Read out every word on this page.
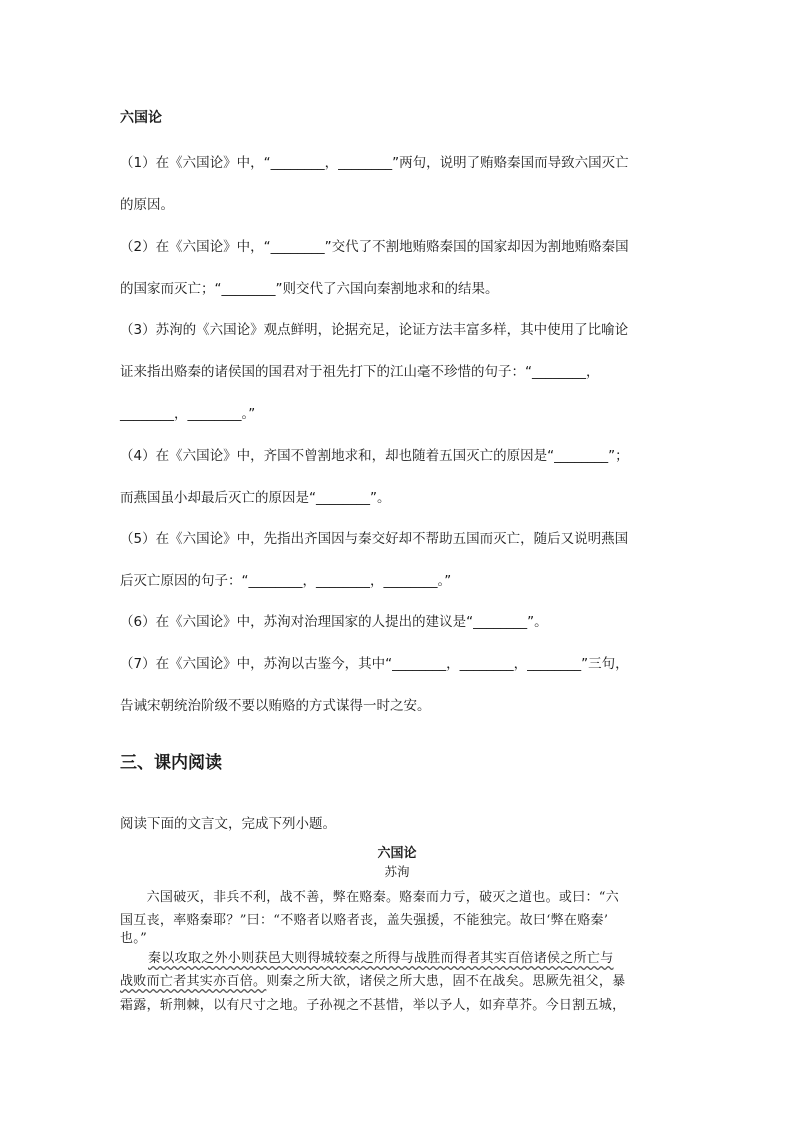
六国论

（1）在《六国论》中，“________，________”两句，说明了贿赂秦国而导致六国灭亡

的原因。

（2）在《六国论》中，“________”交代了不割地贿赂秦国的国家却因为割地贿赂秦国

的国家而灭亡；“________”则交代了六国向秦割地求和的结果。

（3）苏洵的《六国论》观点鲜明，论据充足，论证方法丰富多样，其中使用了比喻论

证来指出赂秦的诸侯国的国君对于祖先打下的江山毫不珍惜的句子：“________，

________，________。”

（4）在《六国论》中，齐国不曾割地求和，却也随着五国灭亡的原因是“________”；

而燕国虽小却最后灭亡的原因是“________”。

（5）在《六国论》中，先指出齐国因与秦交好却不帮助五国而灭亡，随后又说明燕国

后灭亡原因的句子：“________，________，________。”

（6）在《六国论》中，苏洵对治理国家的人提出的建议是“________”。

（7）在《六国论》中，苏洵以古鉴今，其中“________，________，________”三句，

告诫宋朝统治阶级不要以贿赂的方式谋得一时之安。

三、课内阅读

阅读下面的文言文，完成下列小题。

六国论

苏洵

　　六国破灭，非兵不利，战不善，弊在赂秦。赂秦而力亏，破灭之道也。或曰：“六

国互丧，率赂秦耶？”曰：“不赂者以赂者丧，盖失强援，不能独完。故曰‘弊在赂秦’

也。”

秦以攻取之外小则获邑大则得城较秦之所得与战胜而得者其实百倍诸侯之所亡与

战败而亡者其实亦百倍。则秦之所大欲，诸侯之所大患，固不在战矣。思厥先祖父，暴

霜露，斩荆棘，以有尺寸之地。子孙视之不甚惜，举以予人，如弃草芥。今日割五城，
